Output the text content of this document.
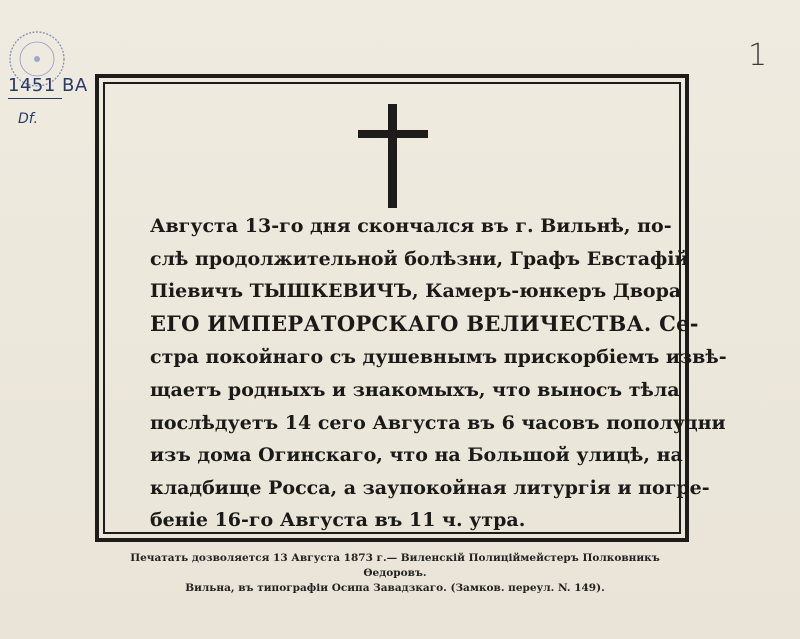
1451 BA
Df.
1
Августа 13-го дня скончался въ г. Вильнѣ, по-
слѣ продолжительной болѣзни, Графъ Евстафій
Піевичъ ТЫШКЕВИЧЪ, Камеръ-юнкеръ Двора
ЕГО ИМПЕРАТОРСКАГО ВЕЛИЧЕСТВА. Се-
стра покойнаго съ душевнымъ прискорбіемъ извѣ-
щаетъ родныхъ и знакомыхъ, что выносъ тѣла
послѣдуетъ 14 сего Августа въ 6 часовъ пополудни
изъ дома Огинскаго, что на Большой улицѣ, на
кладбище Росса, а заупокойная литургія и погре-
беніе 16-го Августа въ 11 ч. утра.
Печатать дозволяется 13 Августа 1873 г.— Виленскій Полиціймейстеръ Полковникъ Өедоровъ.
Вильна, въ типографіи Осипа Завадзкаго. (Замков. переул. N. 149).
